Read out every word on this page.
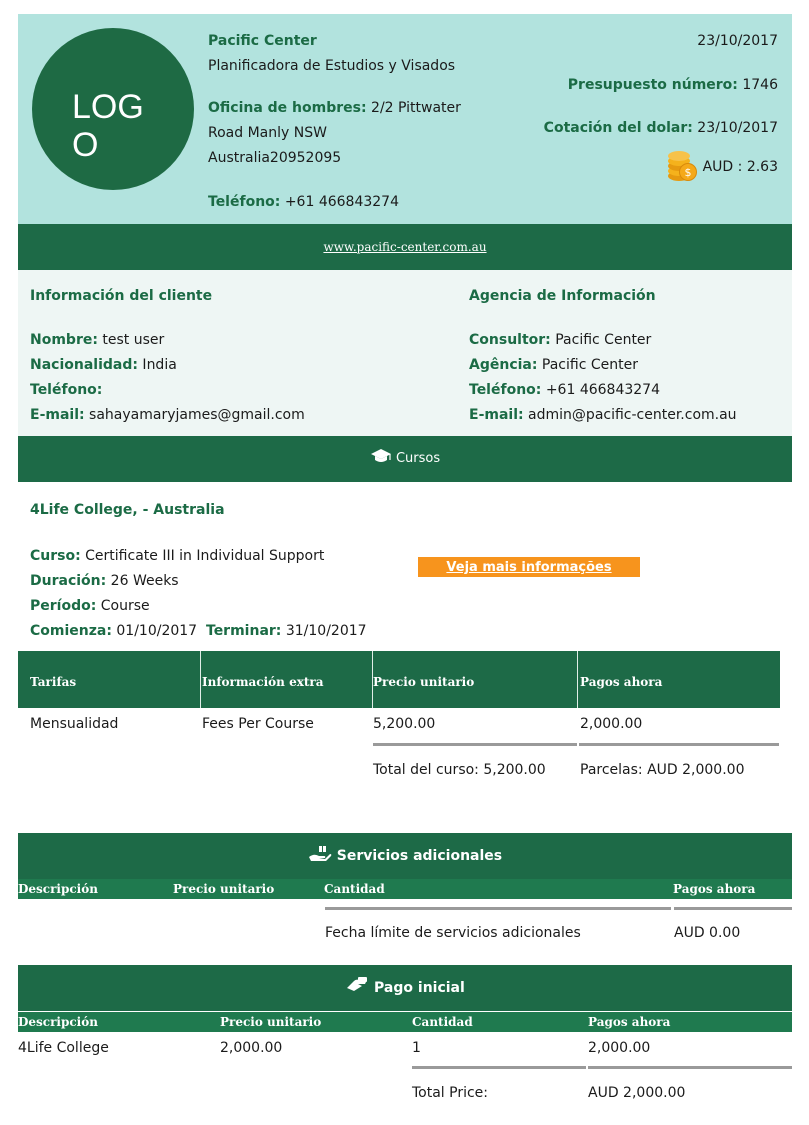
LOGO
Pacific Center
Planificadora de Estudios y Visados
Oficina de hombres: 2/2 Pittwater
Road Manly NSW
Australia20952095
Teléfono: +61 466843274
23/10/2017
Presupuesto número: 1746
Cotación del dolar: 23/10/2017
$ AUD : 2.63
www.pacific-center.com.au
Información del cliente
Nombre: test user
Nacionalidad: India
Teléfono:
E-mail: sahayamaryjames@gmail.com
Agencia de Información
Consultor: Pacific Center
Agência: Pacific Center
Teléfono: +61 466843274
E-mail: admin@pacific-center.com.au
Cursos
4Life College, - Australia
Curso: Certificate III in Individual Support
Duración: 26 Weeks
Período: Course
Comienza: 01/10/2017 Terminar: 31/10/2017
Veja mais informações
Tarifas	Información extra	Precio unitario	Pagos ahora
Mensualidad	Fees Per Course	5,200.00	2,000.00
Total del curso: 5,200.00 Parcelas: AUD 2,000.00
Servicios adicionales
Descripción	Precio unitario	Cantidad	Pagos ahora
Fecha límite de servicios adicionales	AUD 0.00
Pago inicial
Descripción	Precio unitario	Cantidad	Pagos ahora
4Life College	2,000.00	1	2,000.00
Total Price:	AUD 2,000.00
